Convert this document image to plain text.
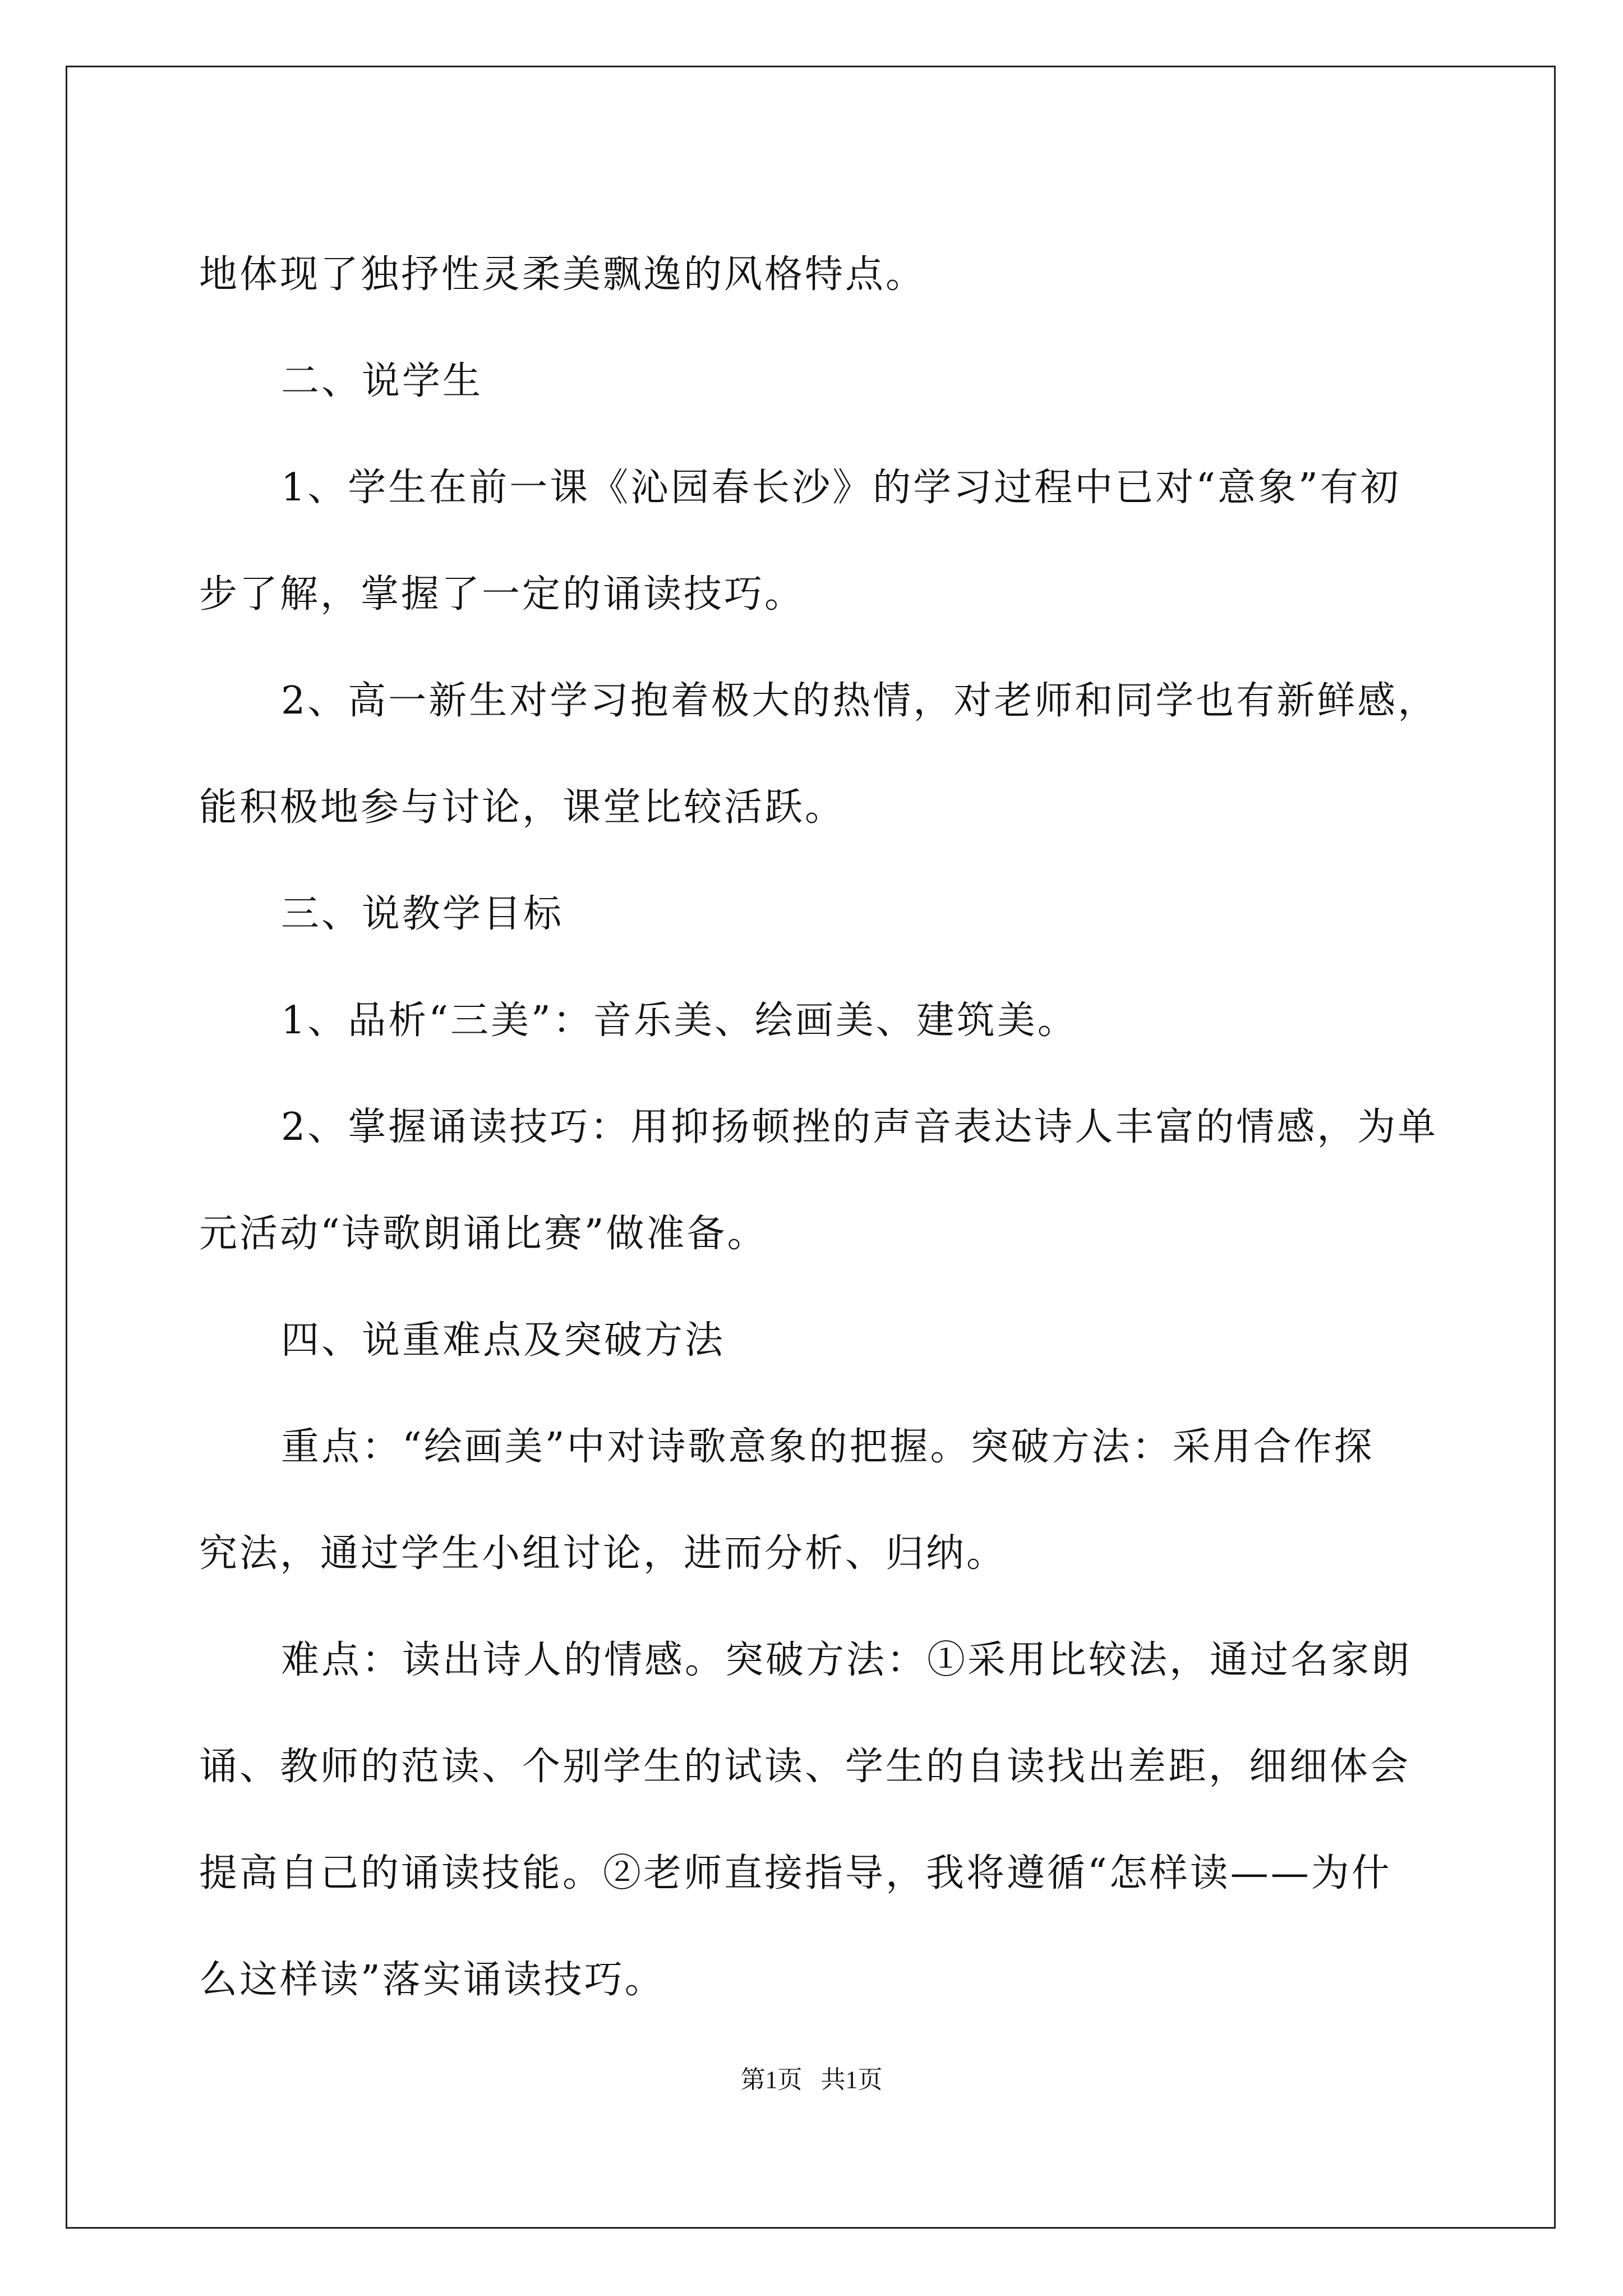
地体现了独抒性灵柔美飘逸的风格特点。
二、说学生
1、学生在前一课《沁园春长沙》的学习过程中已对“意象”有初
步了解，掌握了一定的诵读技巧。
2、高一新生对学习抱着极大的热情，对老师和同学也有新鲜感，
能积极地参与讨论，课堂比较活跃。
三、说教学目标
1、品析“三美”：音乐美、绘画美、建筑美。
2、掌握诵读技巧：用抑扬顿挫的声音表达诗人丰富的情感，为单
元活动“诗歌朗诵比赛”做准备。
四、说重难点及突破方法
重点：“绘画美”中对诗歌意象的把握。突破方法：采用合作探
究法，通过学生小组讨论，进而分析、归纳。
难点：读出诗人的情感。突破方法：①采用比较法，通过名家朗
诵、教师的范读、个别学生的试读、学生的自读找出差距，细细体会
提高自己的诵读技能。②老师直接指导，我将遵循“怎样读——为什
么这样读”落实诵读技巧。
第1页   共1页
